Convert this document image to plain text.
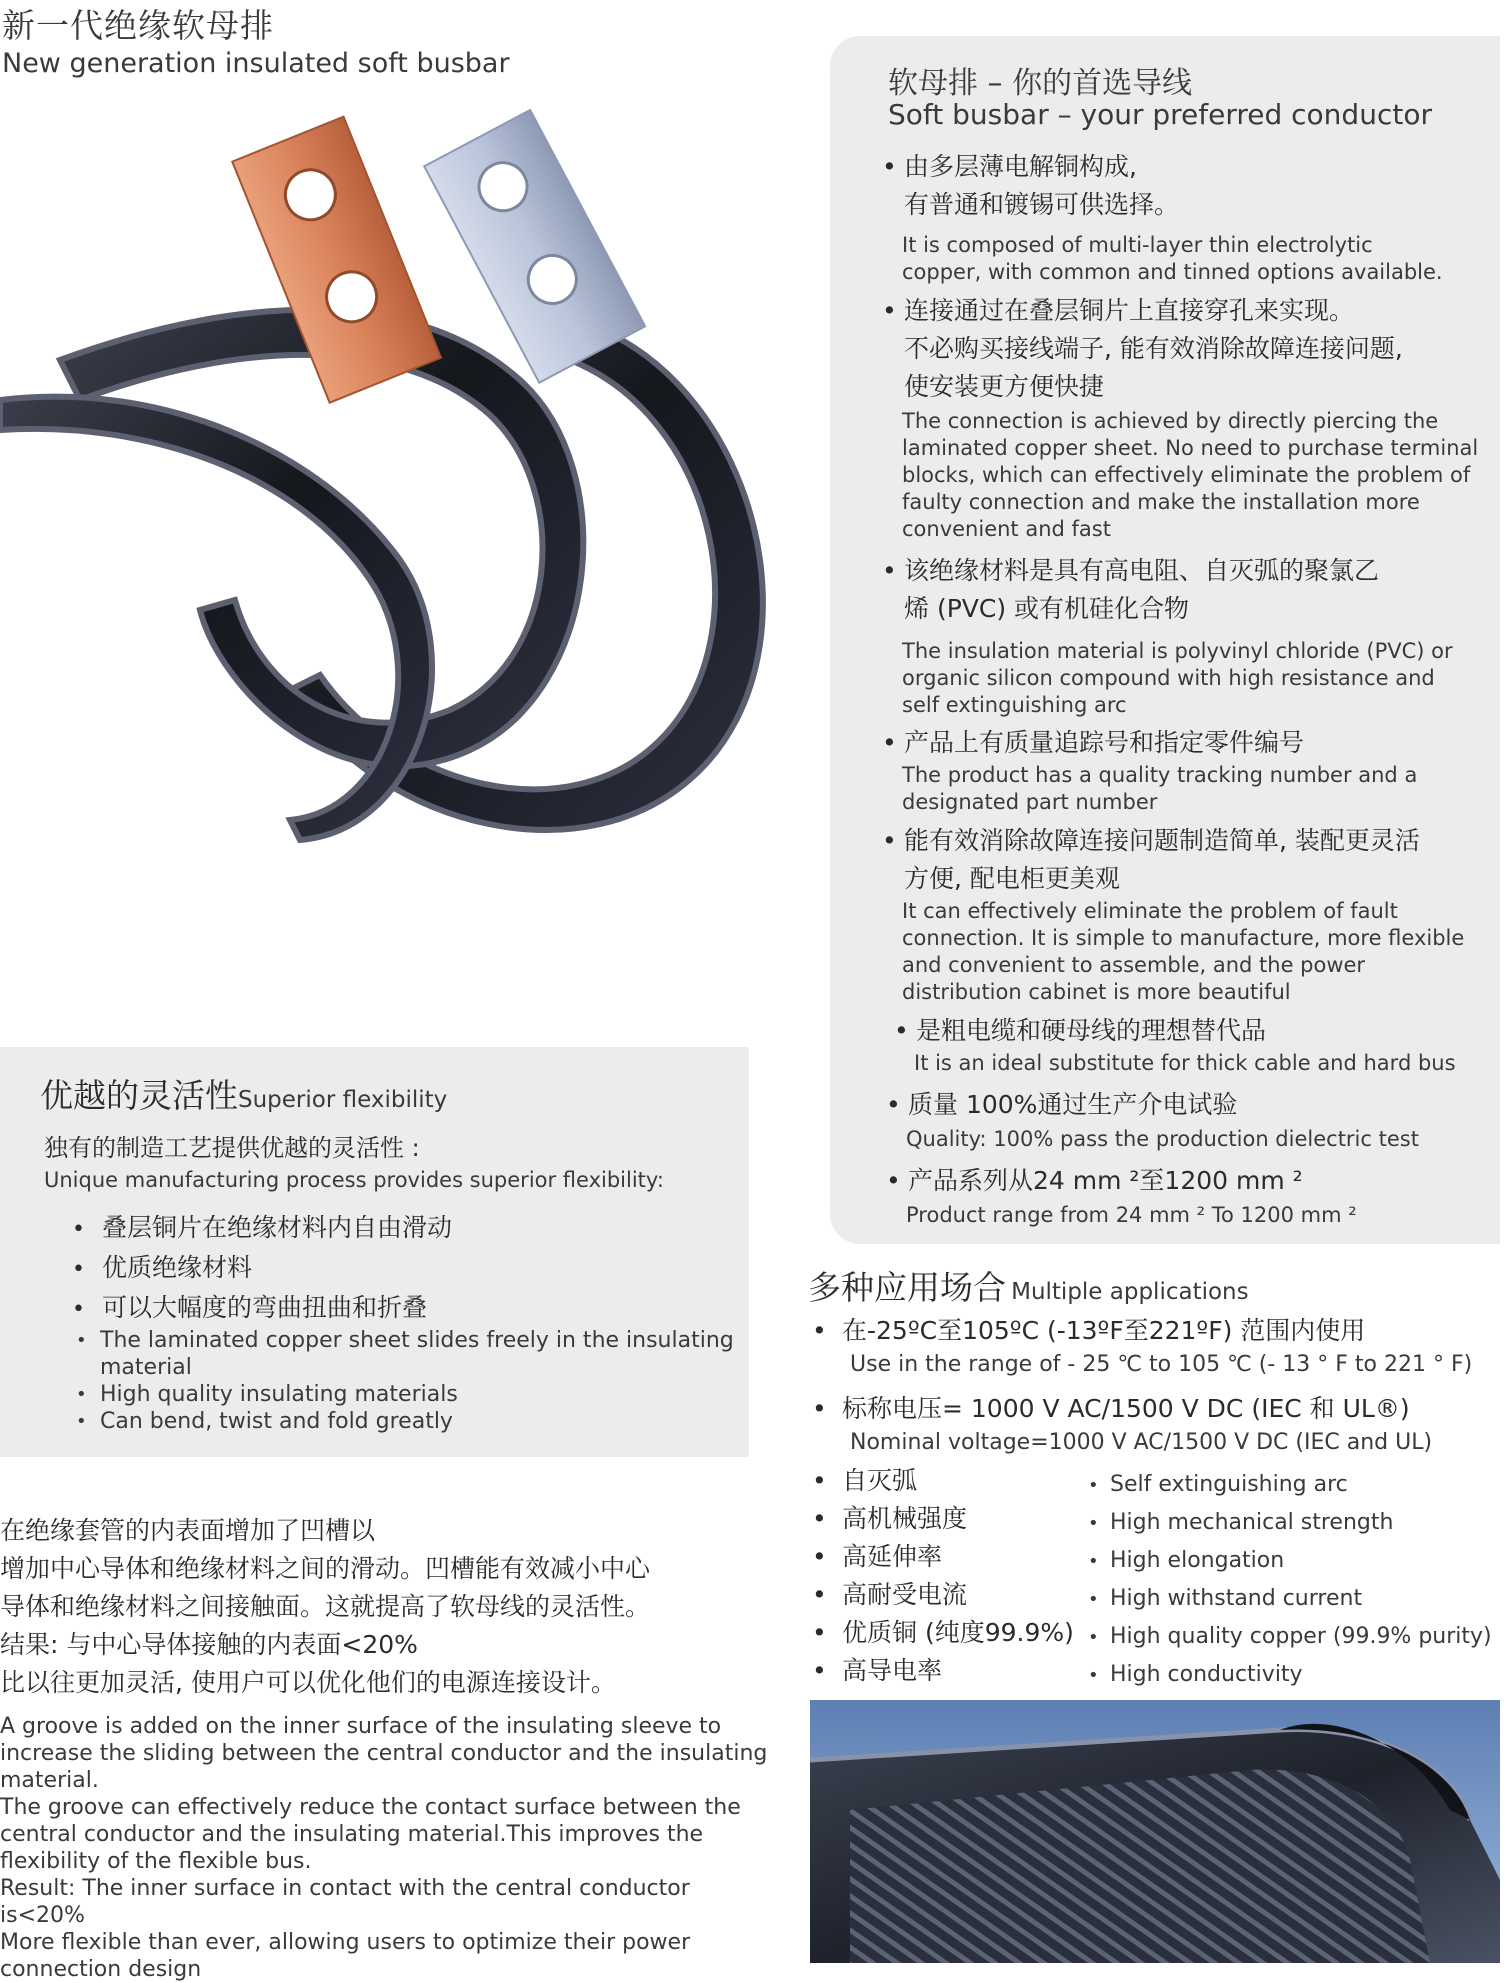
新一代绝缘软母排
New generation insulated soft busbar
软母排 – 你的首选导线
Soft busbar – your preferred conductor
• 由多层薄电解铜构成,
有普通和镀锡可供选择。
It is composed of multi-layer thin electrolytic
copper, with common and tinned options available.
• 连接通过在叠层铜片上直接穿孔来实现。
不必购买接线端子, 能有效消除故障连接问题,
使安装更方便快捷
The connection is achieved by directly piercing the
laminated copper sheet. No need to purchase terminal
blocks, which can effectively eliminate the problem of
faulty connection and make the installation more
convenient and fast
• 该绝缘材料是具有高电阻、自灭弧的聚氯乙
烯 (PVC) 或有机硅化合物
The insulation material is polyvinyl chloride (PVC) or
organic silicon compound with high resistance and
self extinguishing arc
• 产品上有质量追踪号和指定零件编号
The product has a quality tracking number and a
designated part number
• 能有效消除故障连接问题制造简单, 装配更灵活
方便, 配电柜更美观
It can effectively eliminate the problem of fault
connection. It is simple to manufacture, more flexible
and convenient to assemble, and the power
distribution cabinet is more beautiful
• 是粗电缆和硬母线的理想替代品
It is an ideal substitute for thick cable and hard bus
• 质量 100%通过生产介电试验
Quality: 100% pass the production dielectric test
• 产品系列从24 mm ²至1200 mm ²
Product range from 24 mm ² To 1200 mm ²
优越的灵活性Superior flexibility
独有的制造工艺提供优越的灵活性 :
Unique manufacturing process provides superior flexibility:
• 叠层铜片在绝缘材料内自由滑动
• 优质绝缘材料
• 可以大幅度的弯曲扭曲和折叠
• The laminated copper sheet slides freely in the insulating material
• High quality insulating materials
• Can bend, twist and fold greatly

在绝缘套管的内表面增加了凹槽以

增加中心导体和绝缘材料之间的滑动。凹槽能有效减小中心

导体和绝缘材料之间接触面。这就提高了软母线的灵活性。

结果: 与中心导体接触的内表面<20%

比以往更加灵活, 使用户可以优化他们的电源连接设计。

A groove is added on the inner surface of the insulating sleeve to increase the sliding between the central conductor and the insulating material.

The groove can effectively reduce the contact surface between the central conductor and the insulating material.This improves the flexibility of the flexible bus.

Result: The inner surface in contact with the central conductor is<20%

More flexible than ever, allowing users to optimize their power connection design

多种应用场合 Multiple applications
• 在-25ºC至105ºC (-13ºF至221ºF) 范围内使用
Use in the range of - 25 ℃ to 105 ℃ (- 13 ° F to 221 ° F)
• 标称电压= 1000 V AC/1500 V DC (IEC 和 UL®)
Nominal voltage=1000 V AC/1500 V DC (IEC and UL)
• 自灭弧	• Self extinguishing arc
• 高机械强度	• High mechanical strength
• 高延伸率	• High elongation
• 高耐受电流	• High withstand current
• 优质铜 (纯度99.9%) • High quality copper (99.9% purity)
• 高导电率	• High conductivity
